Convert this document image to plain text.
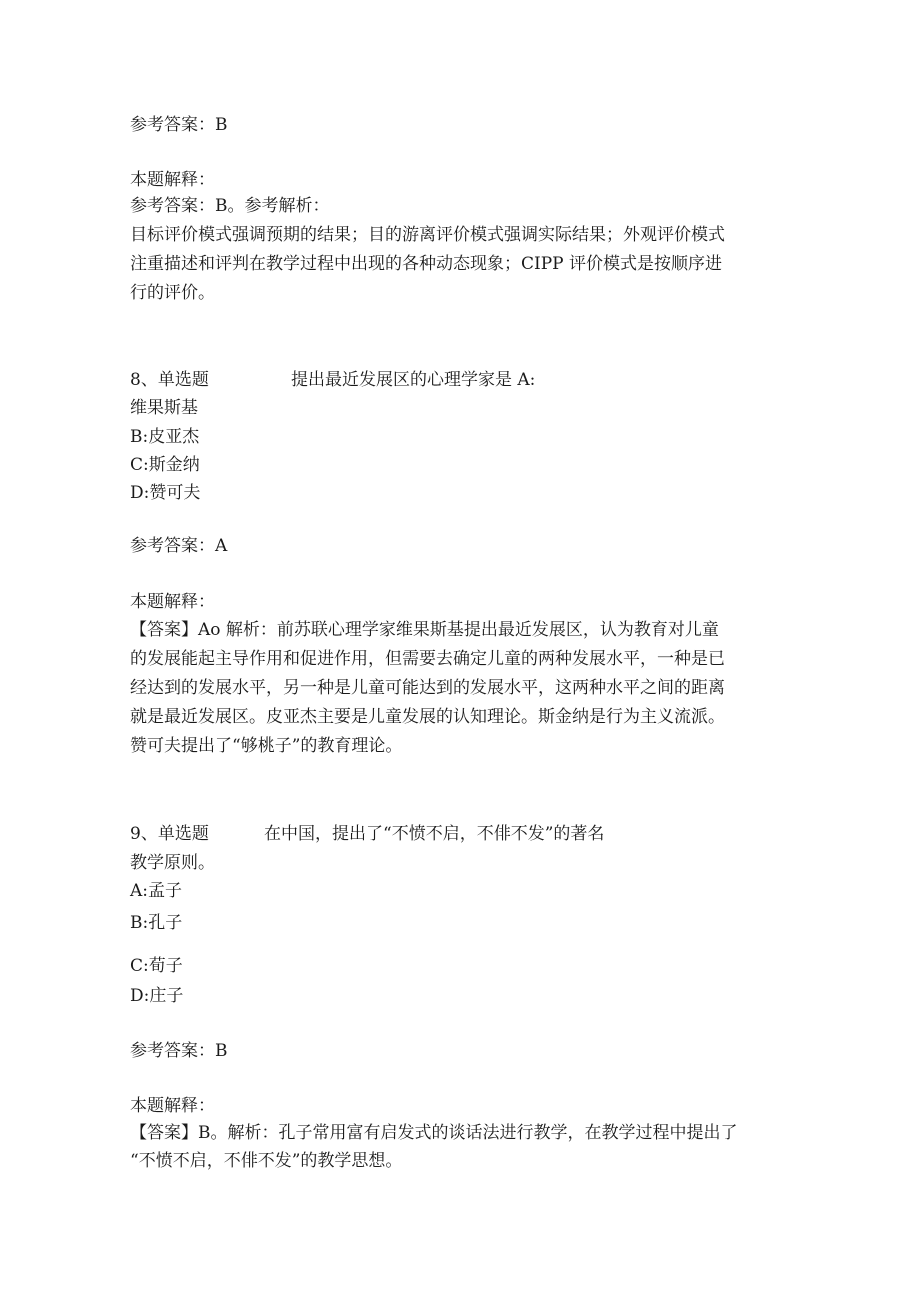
参考答案：B
本题解释：
参考答案：B。参考解析：
目标评价模式强调预期的结果；目的游离评价模式强调实际结果；外观评价模式
注重描述和评判在教学过程中出现的各种动态现象；CIPP 评价模式是按顺序进
行的评价。
8、单选题	提出最近发展区的心理学家是 A:
维果斯基
B:皮亚杰
C:斯金纳
D:赞可夫
参考答案：A
本题解释：
【答案】Ao 解析：前苏联心理学家维果斯基提出最近发展区，认为教育对儿童
的发展能起主导作用和促进作用，但需要去确定儿童的两种发展水平，一种是已
经达到的发展水平，另一种是儿童可能达到的发展水平，这两种水平之间的距离
就是最近发展区。皮亚杰主要是儿童发展的认知理论。斯金纳是行为主义流派。
赞可夫提出了“够桃子”的教育理论。
9、单选题	在中国，提出了“不愤不启，不俳不发”的著名
教学原则。
A:孟子
B:孔子
C:荀子
D:庄子
参考答案：B
本题解释：
【答案】B。解析：孔子常用富有启发式的谈话法进行教学，在教学过程中提出了
“不愤不启，不俳不发”的教学思想。
